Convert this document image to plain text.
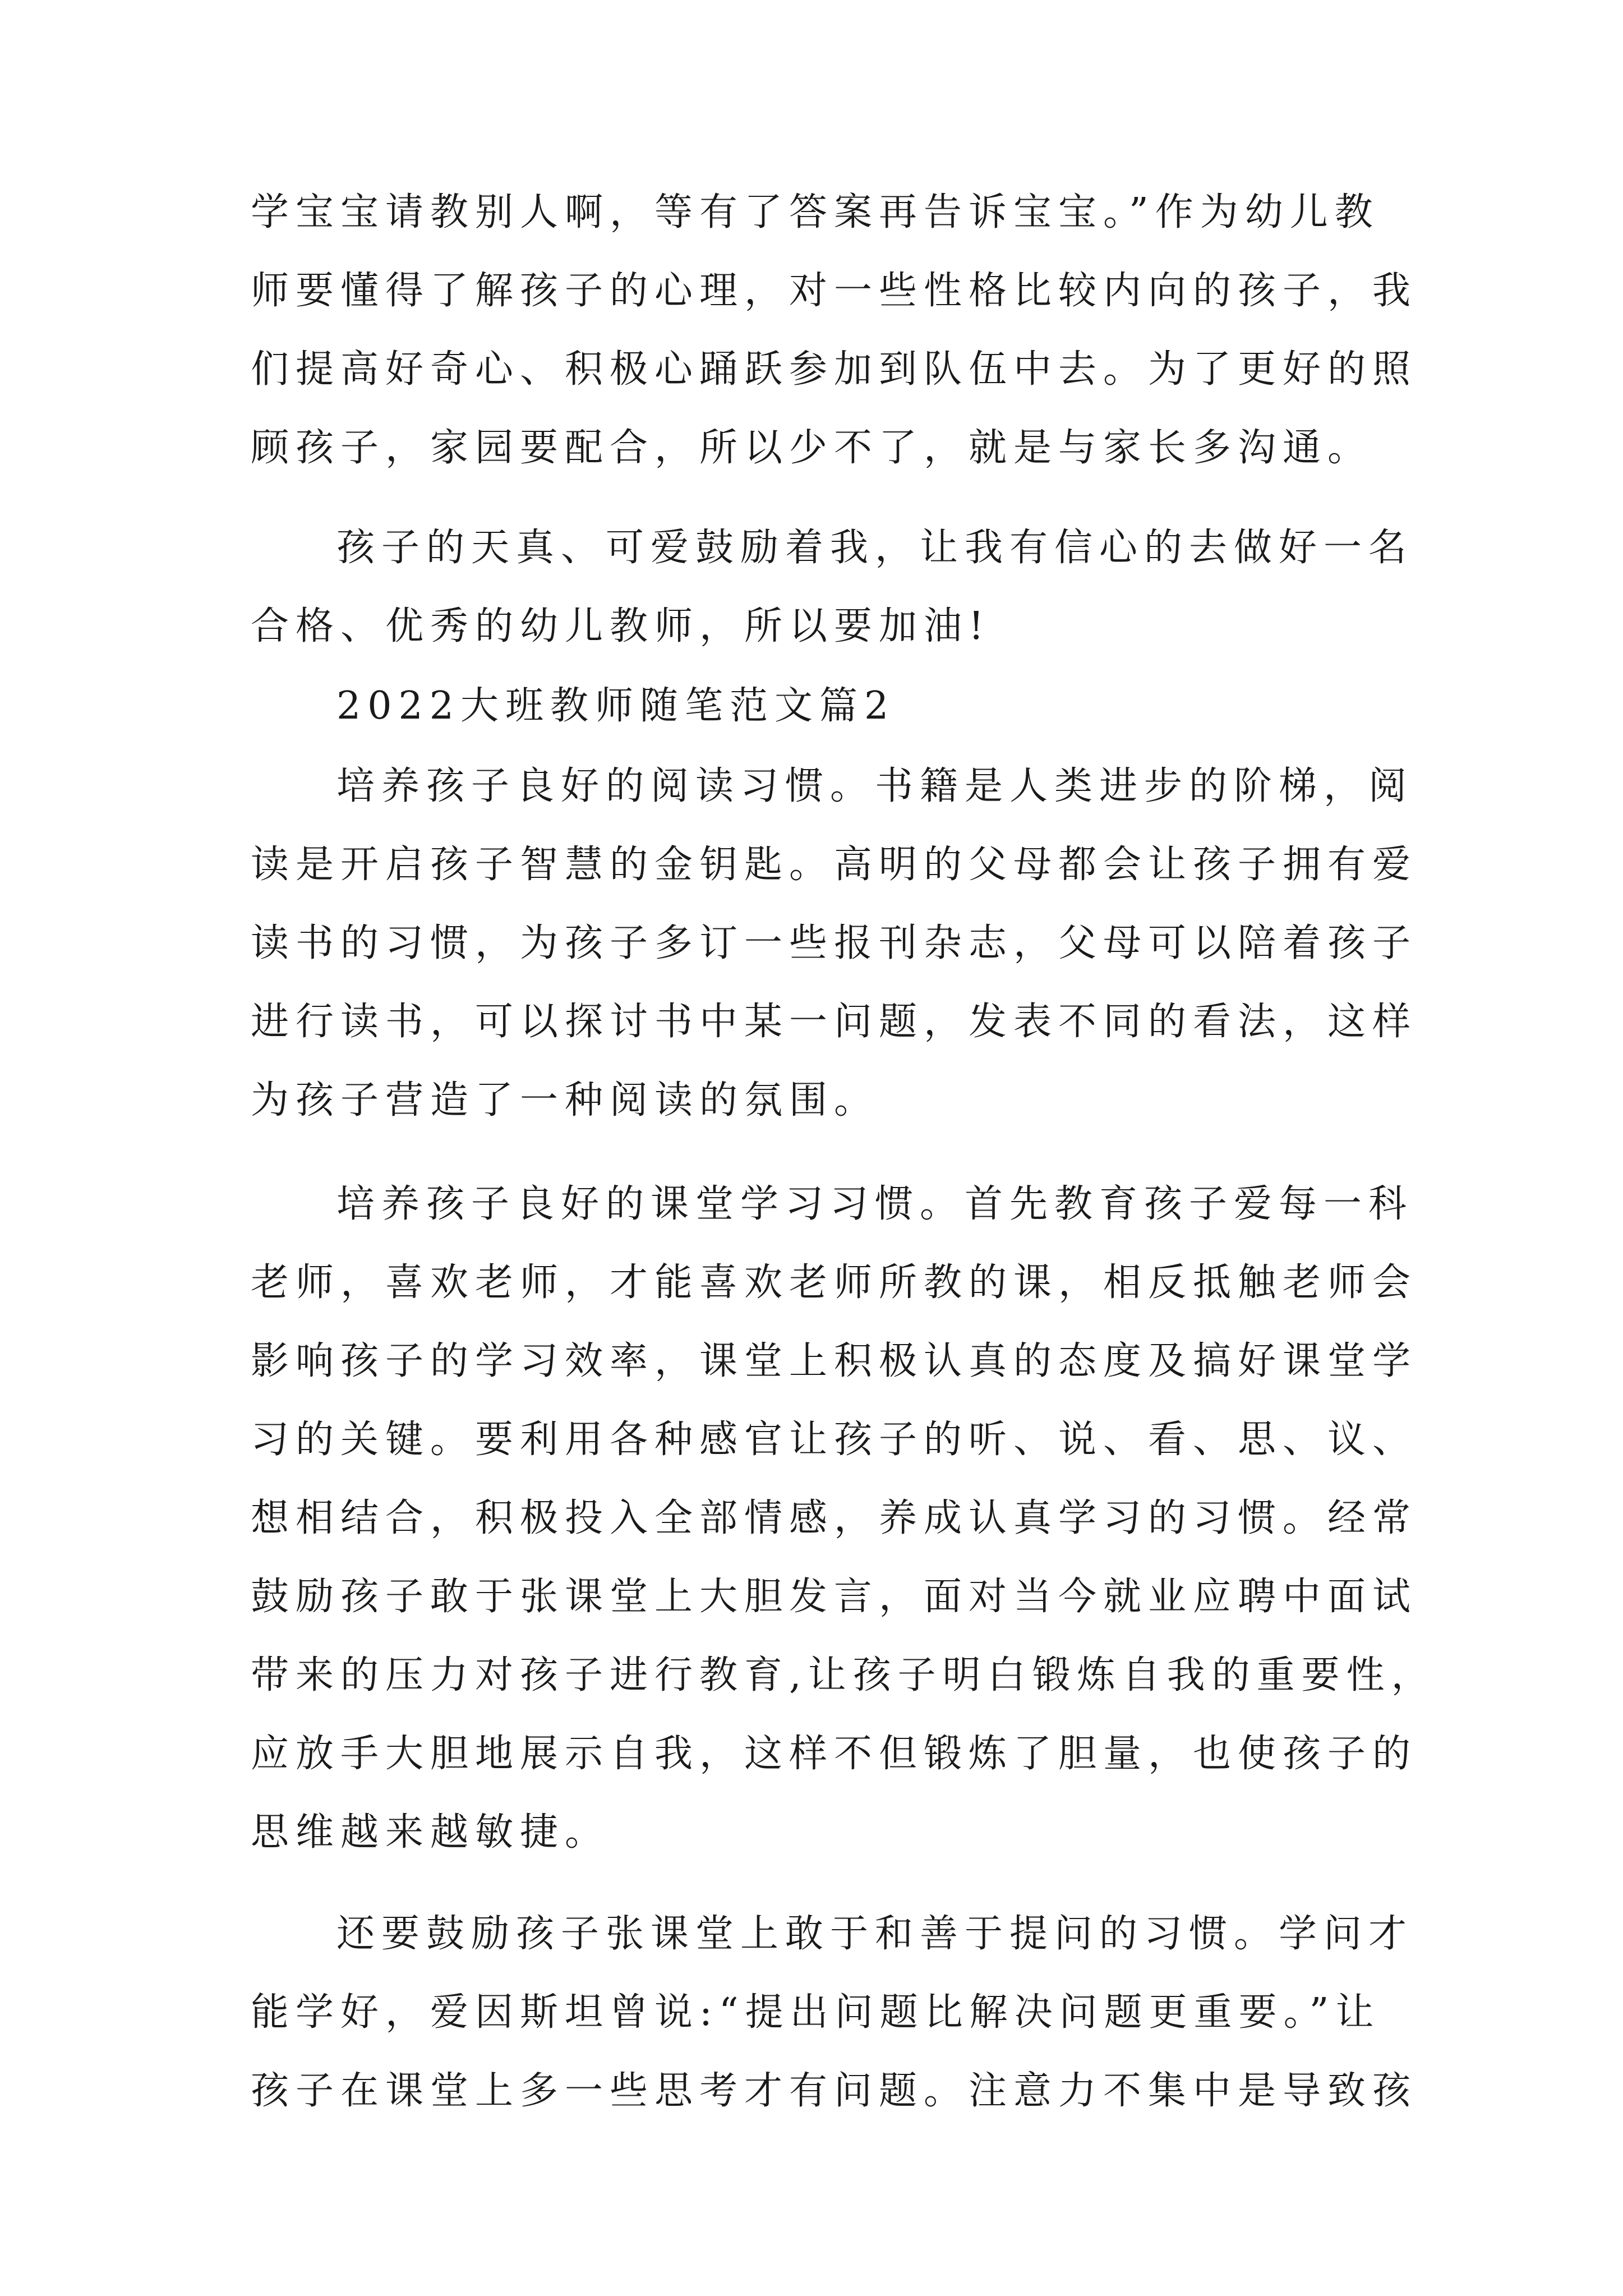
学宝宝请教别人啊，等有了答案再告诉宝宝。”作为幼儿教
师要懂得了解孩子的心理，对一些性格比较内向的孩子，我
们提高好奇心、积极心踊跃参加到队伍中去。为了更好的照
顾孩子，家园要配合，所以少不了，就是与家长多沟通。
孩子的天真、可爱鼓励着我，让我有信心的去做好一名
合格、优秀的幼儿教师，所以要加油!
2022大班教师随笔范文篇2
培养孩子良好的阅读习惯。书籍是人类进步的阶梯，阅
读是开启孩子智慧的金钥匙。高明的父母都会让孩子拥有爱
读书的习惯，为孩子多订一些报刊杂志，父母可以陪着孩子
进行读书，可以探讨书中某一问题，发表不同的看法，这样
为孩子营造了一种阅读的氛围。
培养孩子良好的课堂学习习惯。首先教育孩子爱每一科
老师，喜欢老师，才能喜欢老师所教的课，相反抵触老师会
影响孩子的学习效率，课堂上积极认真的态度及搞好课堂学
习的关键。要利用各种感官让孩子的听、说、看、思、议、
想相结合，积极投入全部情感，养成认真学习的习惯。经常
鼓励孩子敢于张课堂上大胆发言，面对当今就业应聘中面试
带来的压力对孩子进行教育,让孩子明白锻炼自我的重要性，
应放手大胆地展示自我，这样不但锻炼了胆量，也使孩子的
思维越来越敏捷。
还要鼓励孩子张课堂上敢于和善于提问的习惯。学问才
能学好，爱因斯坦曾说:“提出问题比解决问题更重要。”让
孩子在课堂上多一些思考才有问题。注意力不集中是导致孩
